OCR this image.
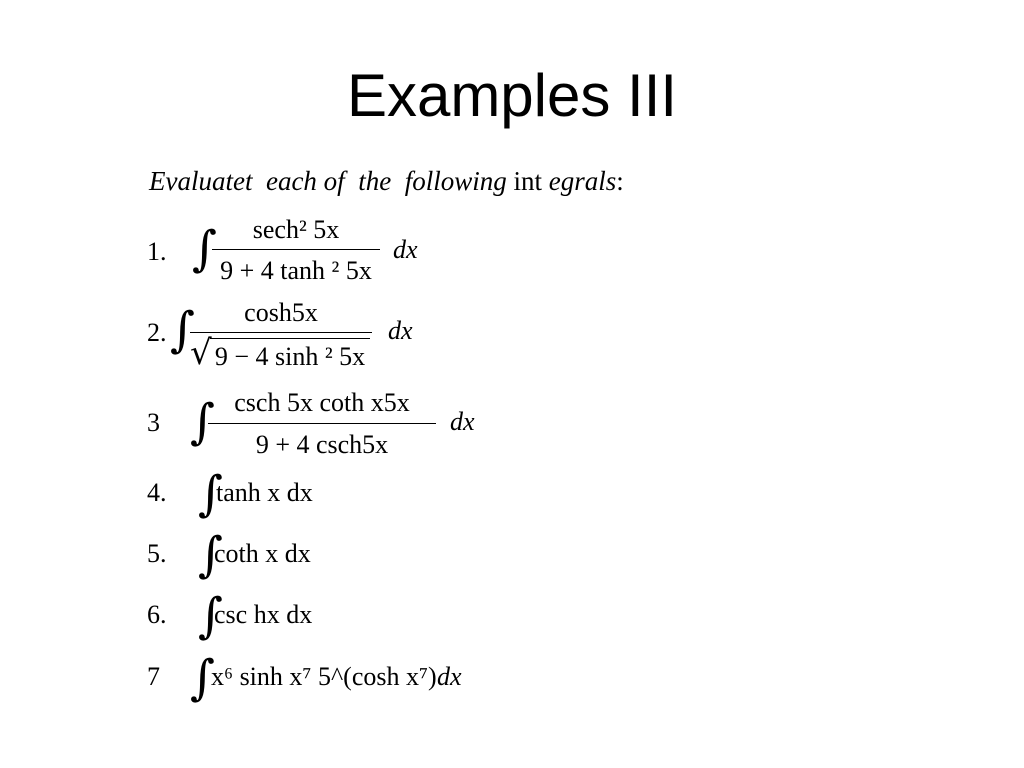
Examples III
Evaluatet each of the following int egrals:
1. ∫	sech² 5x
9 + 4 tanh ² 5x
dx
2. ∫	cosh5x
√ 9 − 4 sinh ² 5x
dx
3 ∫ csch 5x coth x5x
9 + 4 csch5x
dx
4. ∫
tanh x dx
5. ∫
coth x dx
6. ∫
csc hx dx
7 ∫
x⁶ sinh x⁷ 5^(cosh x⁷) dx
